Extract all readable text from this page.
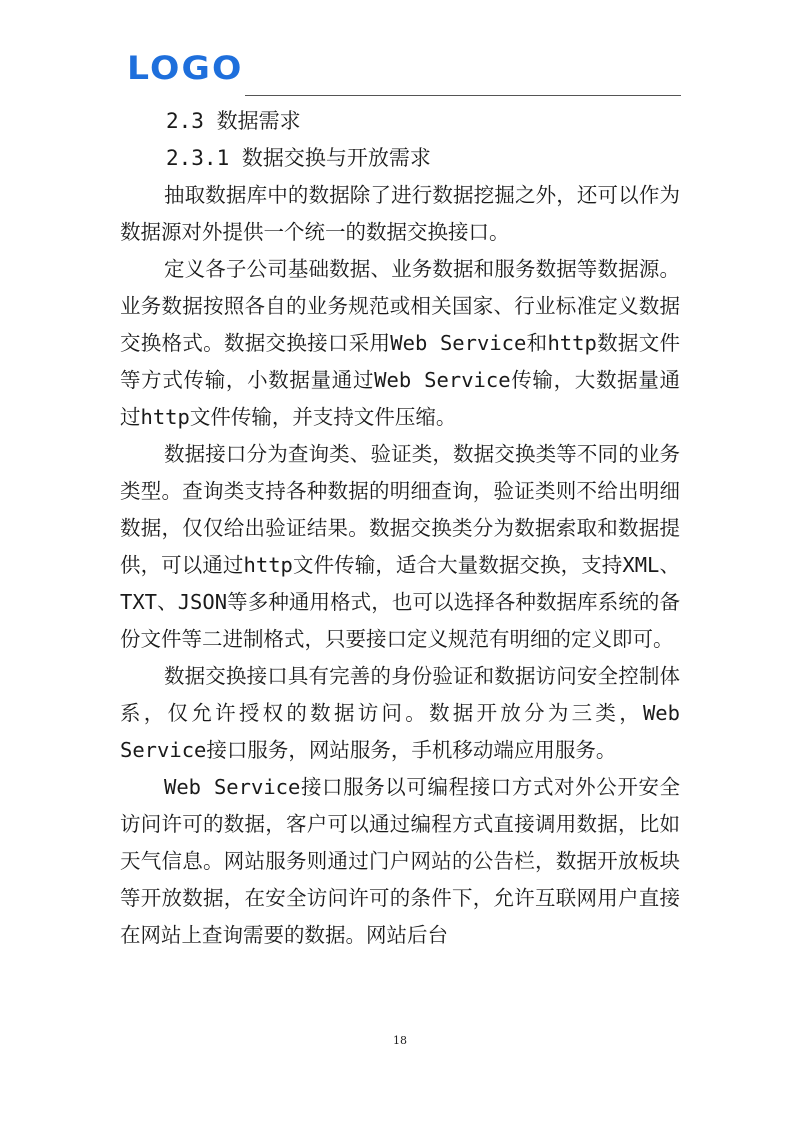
LOGO
2.3 数据需求
2.3.1 数据交换与开放需求

抽取数据库中的数据除了进行数据挖掘之外，还可以作为数据源对外提供一个统一的数据交换接口。

定义各子公司基础数据、业务数据和服务数据等数据源。业务数据按照各自的业务规范或相关国家、行业标准定义数据交换格式。数据交换接口采用Web Service和http数据文件等方式传输，小数据量通过Web Service传输，大数据量通过http文件传输，并支持文件压缩。

数据接口分为查询类、验证类，数据交换类等不同的业务类型。查询类支持各种数据的明细查询，验证类则不给出明细数据，仅仅给出验证结果。数据交换类分为数据索取和数据提供，可以通过http文件传输，适合大量数据交换，支持XML、TXT、JSON等多种通用格式，也可以选择各种数据库系统的备份文件等二进制格式，只要接口定义规范有明细的定义即可。

数据交换接口具有完善的身份验证和数据访问安全控制体系，仅允许授权的数据访问。数据开放分为三类，Web Service接口服务，网站服务，手机移动端应用服务。

Web Service接口服务以可编程接口方式对外公开安全访问许可的数据，客户可以通过编程方式直接调用数据，比如天气信息。网站服务则通过门户网站的公告栏，数据开放板块等开放数据，在安全访问许可的条件下，允许互联网用户直接在网站上查询需要的数据。网站后台

18
